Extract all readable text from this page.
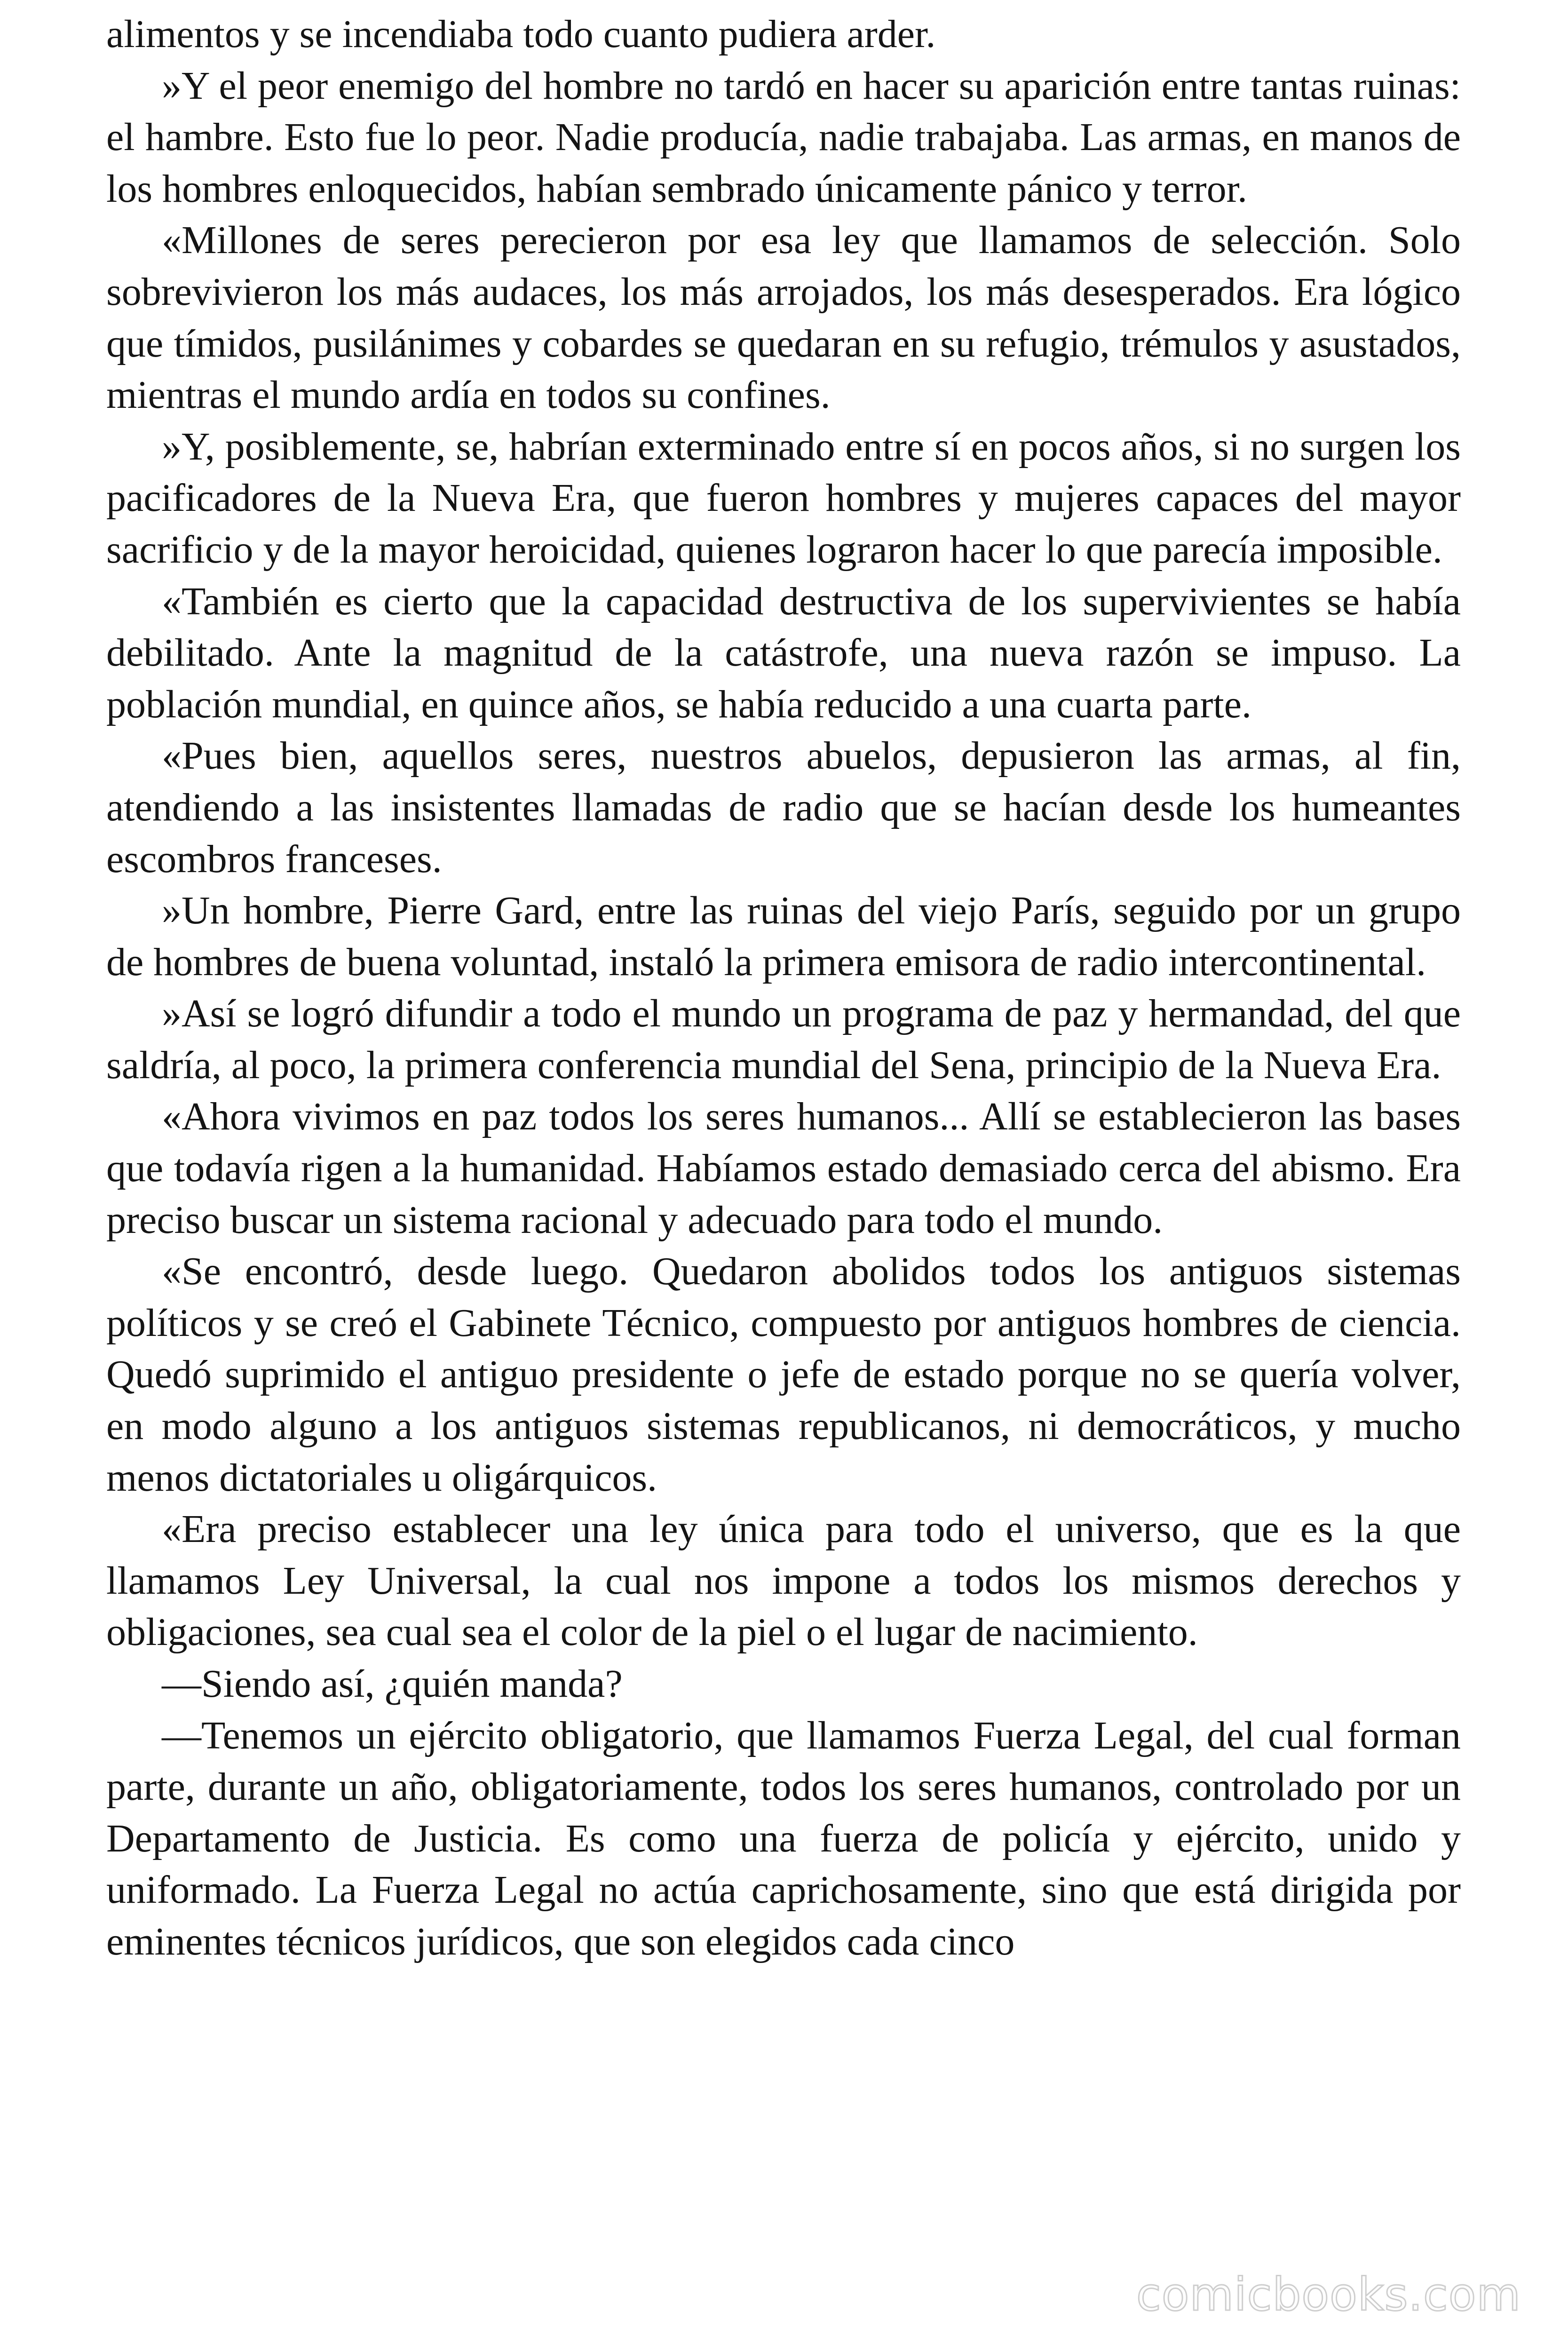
alimentos y se incendiaba todo cuanto pudiera arder.

»Y el peor enemigo del hombre no tardó en hacer su aparición entre tantas ruinas: el hambre. Esto fue lo peor. Nadie producía, nadie trabajaba. Las armas, en manos de los hombres enloquecidos, habían sembrado únicamente pánico y terror.

«Millones de seres perecieron por esa ley que llamamos de selección. Solo sobrevivieron los más audaces, los más arrojados, los más desesperados. Era lógico que tímidos, pusilánimes y cobardes se quedaran en su refugio, trémulos y asustados, mientras el mundo ardía en todos su confines.

»Y, posiblemente, se, habrían exterminado entre sí en pocos años, si no surgen los pacificadores de la Nueva Era, que fueron hombres y mujeres capaces del mayor sacrificio y de la mayor heroicidad, quienes lograron hacer lo que parecía imposible.

«También es cierto que la capacidad destructiva de los supervivientes se había debilitado. Ante la magnitud de la catástrofe, una nueva razón se impuso. La población mundial, en quince años, se había reducido a una cuarta parte.

«Pues bien, aquellos seres, nuestros abuelos, depusieron las armas, al fin, atendiendo a las insistentes llamadas de radio que se hacían desde los humeantes escombros franceses.

»Un hombre, Pierre Gard, entre las ruinas del viejo París, seguido por un grupo de hombres de buena voluntad, instaló la primera emisora de radio intercontinental.

»Así se logró difundir a todo el mundo un programa de paz y hermandad, del que saldría, al poco, la primera conferencia mundial del Sena, principio de la Nueva Era.

«Ahora vivimos en paz todos los seres humanos... Allí se establecieron las bases que todavía rigen a la humanidad. Habíamos estado demasiado cerca del abismo. Era preciso buscar un sistema racional y adecuado para todo el mundo.

«Se encontró, desde luego. Quedaron abolidos todos los antiguos sistemas políticos y se creó el Gabinete Técnico, compuesto por antiguos hombres de ciencia. Quedó suprimido el antiguo presidente o jefe de estado porque no se quería volver, en modo alguno a los antiguos sistemas republicanos, ni democráticos, y mucho menos dictatoriales u oligárquicos.

«Era preciso establecer una ley única para todo el universo, que es la que llamamos Ley Universal, la cual nos impone a todos los mismos derechos y obligaciones, sea cual sea el color de la piel o el lugar de nacimiento.

—Siendo así, ¿quién manda?

—Tenemos un ejército obligatorio, que llamamos Fuerza Legal, del cual forman parte, durante un año, obligatoriamente, todos los seres humanos, controlado por un Departamento de Justicia. Es como una fuerza de policía y ejército, unido y uniformado. La Fuerza Legal no actúa caprichosamente, sino que está dirigida por eminentes técnicos jurídicos, que son elegidos cada cinco

comicbooks.com
